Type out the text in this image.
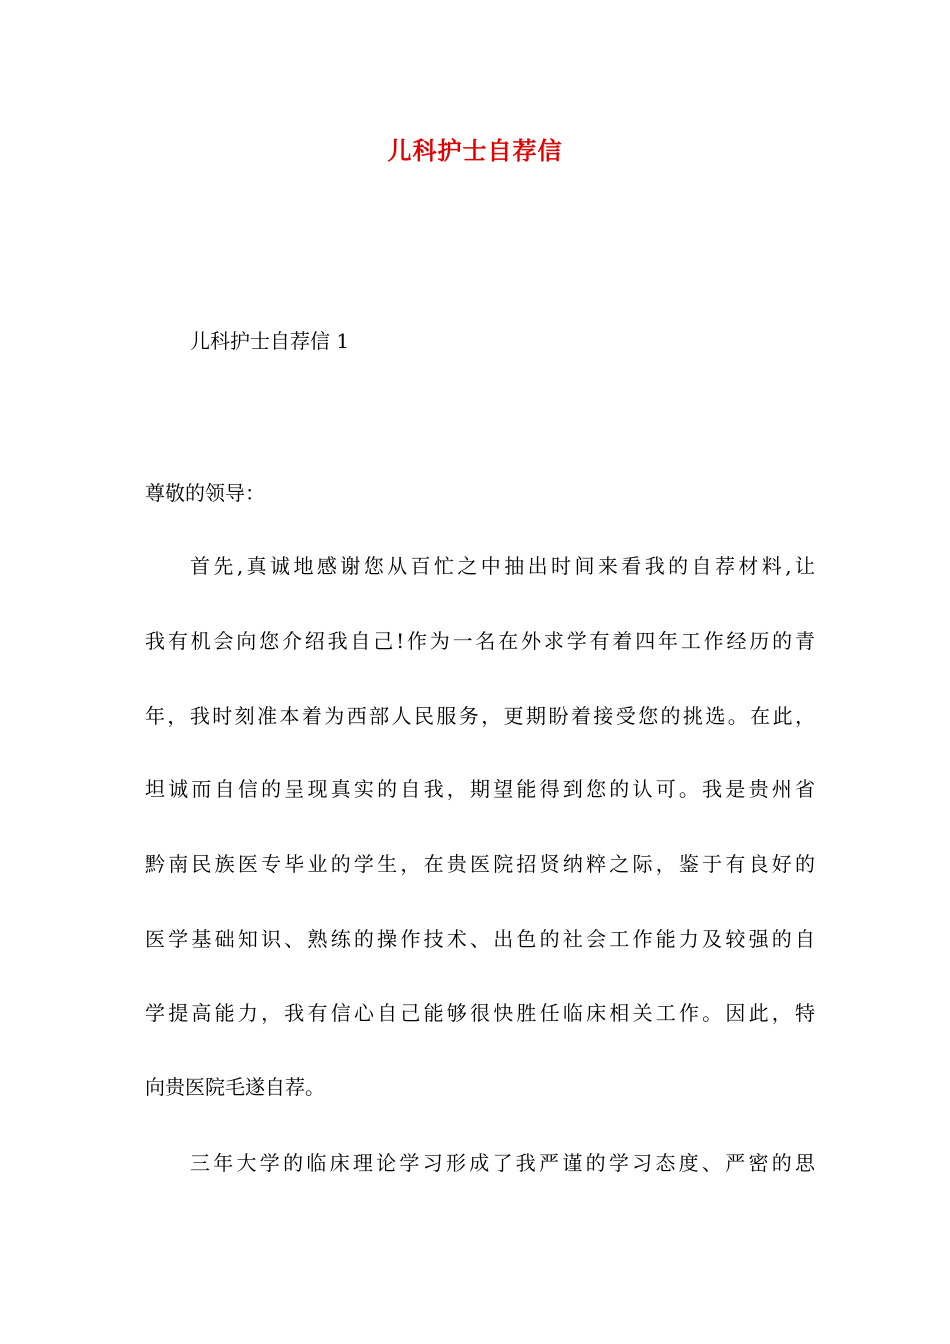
儿科护士自荐信
儿科护士自荐信 1
尊敬的领导：
首先,真诚地感谢您从百忙之中抽出时间来看我的自荐材料,让
我有机会向您介绍我自己!作为一名在外求学有着四年工作经历的青
年，我时刻准本着为西部人民服务，更期盼着接受您的挑选。在此，
坦诚而自信的呈现真实的自我，期望能得到您的认可。我是贵州省
黔南民族医专毕业的学生，在贵医院招贤纳粹之际，鉴于有良好的
医学基础知识、熟练的操作技术、出色的社会工作能力及较强的自
学提高能力，我有信心自己能够很快胜任临床相关工作。因此，特
向贵医院毛遂自荐。
三年大学的临床理论学习形成了我严谨的学习态度、严密的思
